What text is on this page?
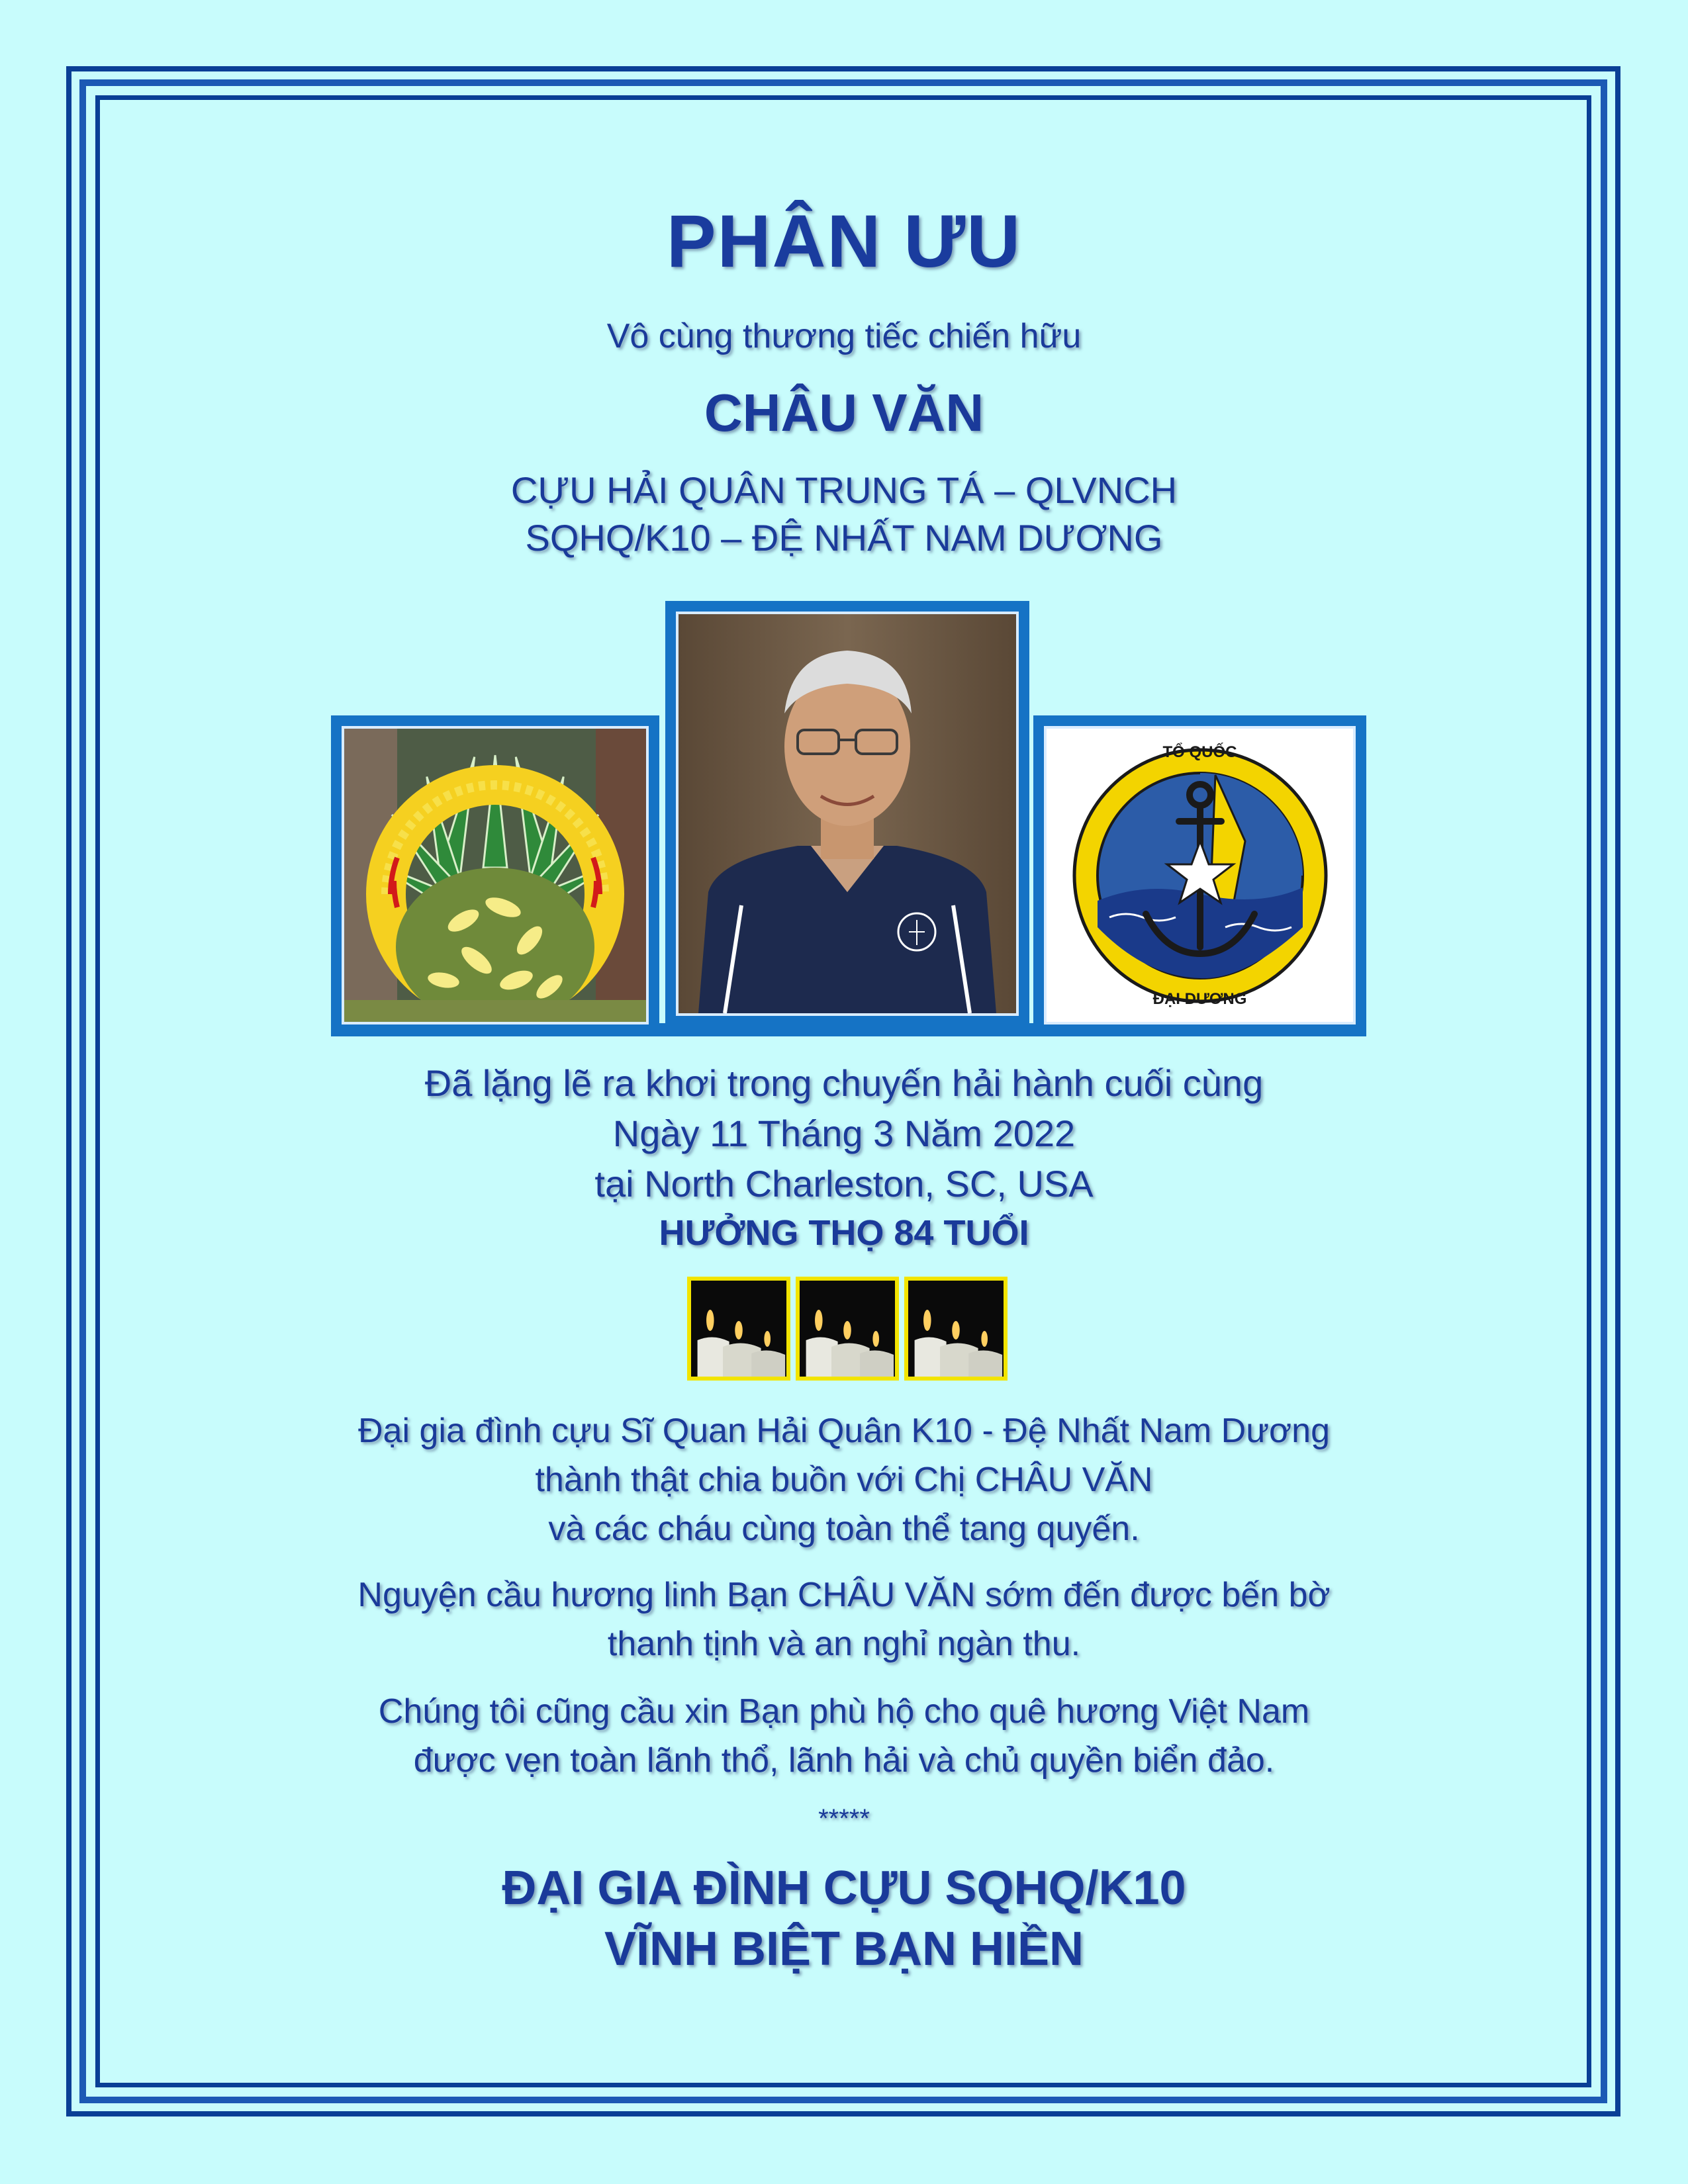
PHÂN ƯU

Vô cùng thương tiếc chiến hữu

CHÂU VĂN

CỰU HẢI QUÂN TRUNG TÁ – QLVNCH

SQHQ/K10 – ĐỆ NHẤT NAM DƯƠNG

TỔ QUỐC
ĐẠI DƯƠNG

Đã lặng lẽ ra khơi trong chuyến hải hành cuối cùng

Ngày 11 Tháng 3 Năm 2022

tại North Charleston, SC, USA

HƯỞNG THỌ 84 TUỔI

Đại gia đình cựu Sĩ Quan Hải Quân K10 - Đệ Nhất Nam Dương

thành thật chia buồn với Chị CHÂU VĂN

và các cháu cùng toàn thể tang quyến.

Nguyện cầu hương linh Bạn CHÂU VĂN sớm đến được bến bờ

thanh tịnh và an nghỉ ngàn thu.

Chúng tôi cũng cầu xin Bạn phù hộ cho quê hương Việt Nam

được vẹn toàn lãnh thổ, lãnh hải và chủ quyền biển đảo.

*****

ĐẠI GIA ĐÌNH CỰU SQHQ/K10

VĨNH BIỆT BẠN HIỀN
